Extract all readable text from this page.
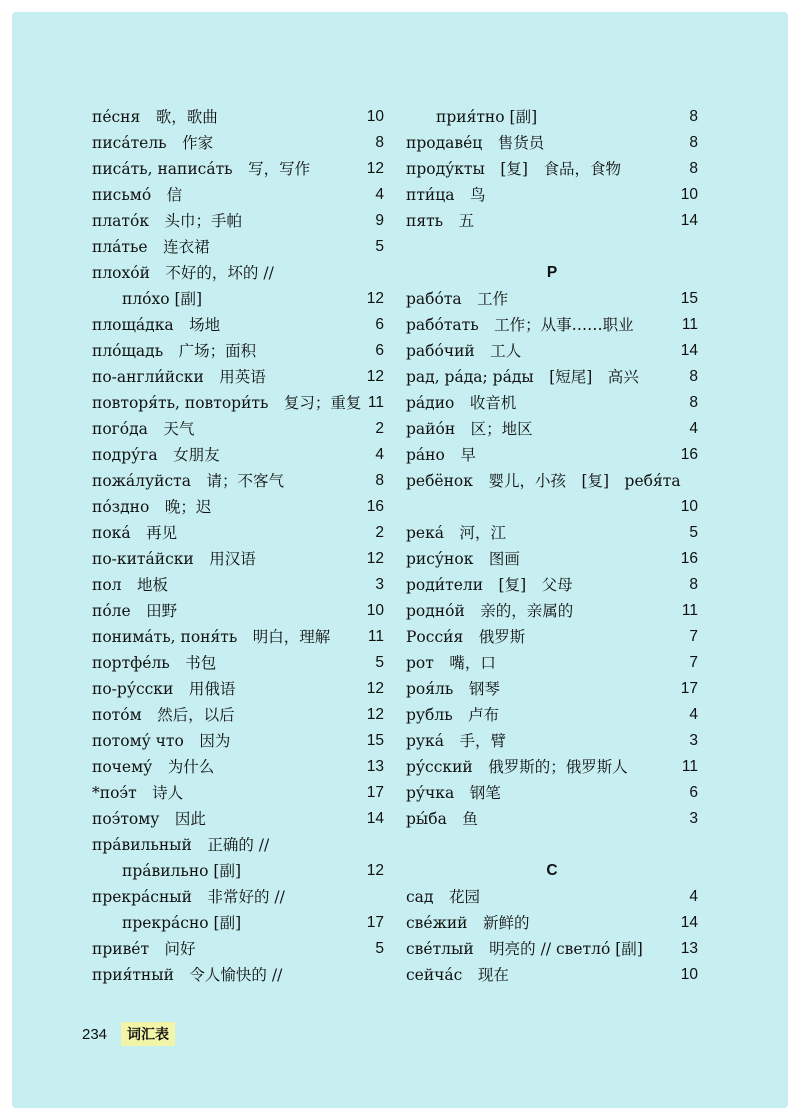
пе́сня　歌，歌曲	10
писа́тель　作家	8
писа́ть, написа́ть　写，写作	12
письмо́　信	4
плато́к　头巾；手帕	9
пла́тье　连衣裙	5
плохо́й　不好的，坏的 //
пло́хо [副]	12
площа́дка　场地	6
пло́щадь　广场；面积	6
по-англи́йски　用英语	12
повторя́ть, повтори́ть　复习；重复 11
пого́да　天气	2
подру́га　女朋友	4
пожа́луйста　请；不客气	8
по́здно　晚；迟	16
пока́　再见	2
по-кита́йски　用汉语	12
пол　地板	3
по́ле　田野	10
понима́ть, поня́ть　明白，理解 11
портфе́ль　书包	5
по-ру́сски　用俄语	12
пото́м　然后，以后	12
потому́ что　因为	15
почему́　为什么	13
*поэ́т　诗人	17
поэ́тому　因此	14
пра́вильный　正确的 //
пра́вильно [副]	12
прекра́сный　非常好的 //
прекра́сно [副]	17
приве́т　问好	5
прия́тный　令人愉快的 //
прия́тно [副]	8
продаве́ц　售货员	8
проду́кты　[复]　食品，食物	8
пти́ца　鸟	10
пять　五	14
Р
рабо́та　工作	15
рабо́тать　工作；从事……职业	11
рабо́чий　工人	14
рад, ра́да; ра́ды　[短尾]　高兴	8
ра́дио　收音机	8
райо́н　区；地区	4
ра́но　早	16
ребёнок　婴儿，小孩　[复]　ребя́та
10
река́　河，江	5
рису́нок　图画	16
роди́тели　[复]　父母	8
родно́й　亲的，亲属的	11
Росси́я　俄罗斯	7
рот　嘴，口	7
роя́ль　钢琴	17
рубль　卢布	4
рука́　手，臂	3
ру́сский　俄罗斯的；俄罗斯人	11
ру́чка　钢笔	6
ры́ба　鱼	3
С
сад　花园	4
све́жий　新鲜的	14
све́тлый　明亮的 // светло́ [副] 13
сейча́с　现在	10
234	词汇表
